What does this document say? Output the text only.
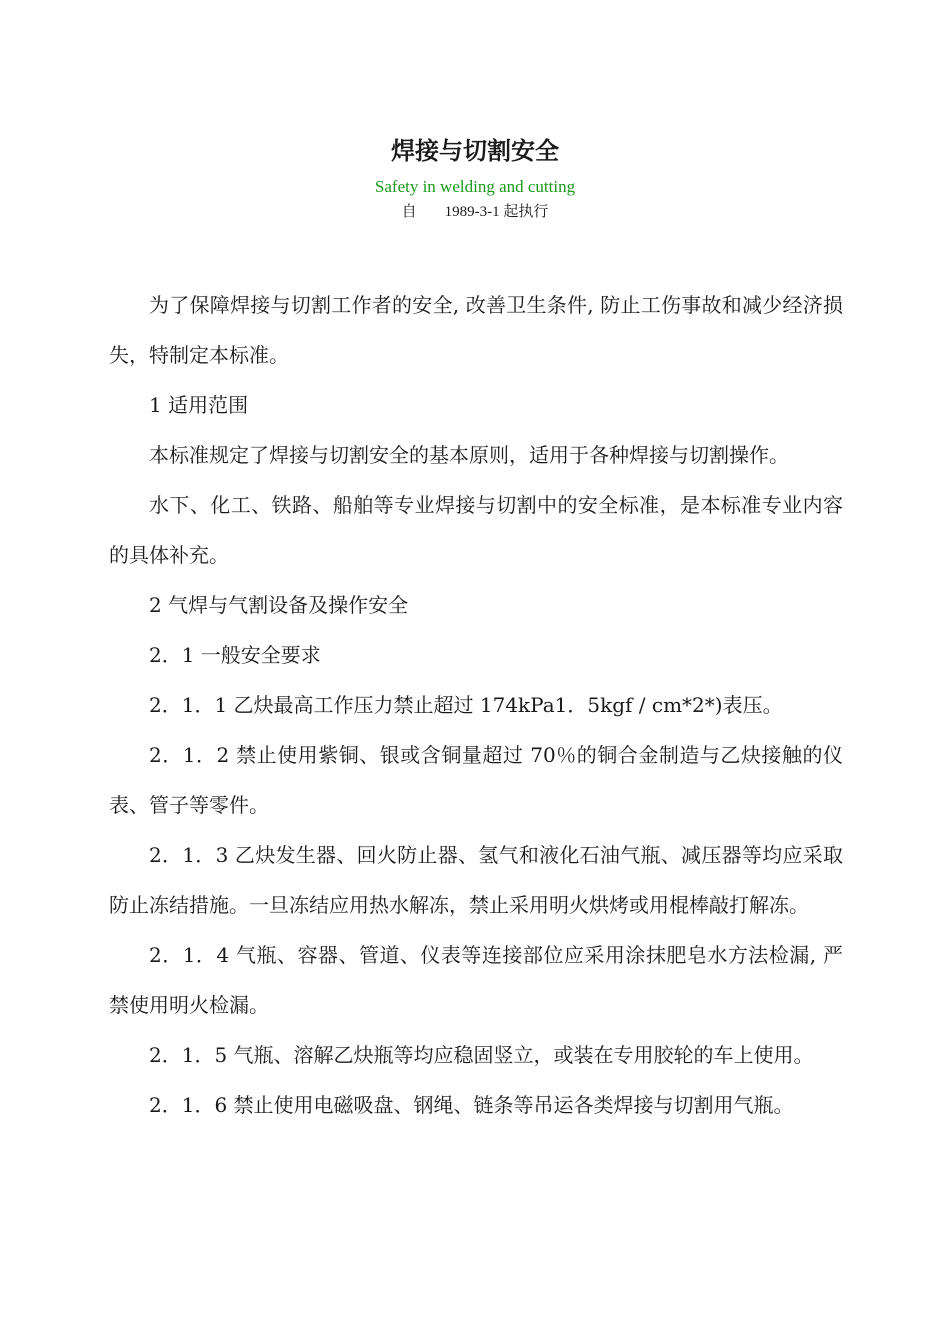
焊接与切割安全
Safety in welding and cutting
自 1989-3-1 起执行

为了保障焊接与切割工作者的安全, 改善卫生条件, 防止工伤事故和减少经济损失，特制定本标准。

1 适用范围

本标准规定了焊接与切割安全的基本原则，适用于各种焊接与切割操作。

水下、化工、铁路、船舶等专业焊接与切割中的安全标准，是本标准专业内容的具体补充。

2 气焊与气割设备及操作安全

2．1 一般安全要求

2．1．1 乙炔最高工作压力禁止超过 174kPa1．5kgf / cm*2*)表压。

2．1．2 禁止使用紫铜、银或含铜量超过 70％的铜合金制造与乙炔接触的仪表、管子等零件。

2．1．3 乙炔发生器、回火防止器、氢气和液化石油气瓶、减压器等均应采取防止冻结措施。一旦冻结应用热水解冻，禁止采用明火烘烤或用棍棒敲打解冻。

2．1．4 气瓶、容器、管道、仪表等连接部位应采用涂抹肥皂水方法检漏, 严禁使用明火检漏。

2．1．5 气瓶、溶解乙炔瓶等均应稳固竖立，或装在专用胶轮的车上使用。

2．1．6 禁止使用电磁吸盘、钢绳、链条等吊运各类焊接与切割用气瓶。
